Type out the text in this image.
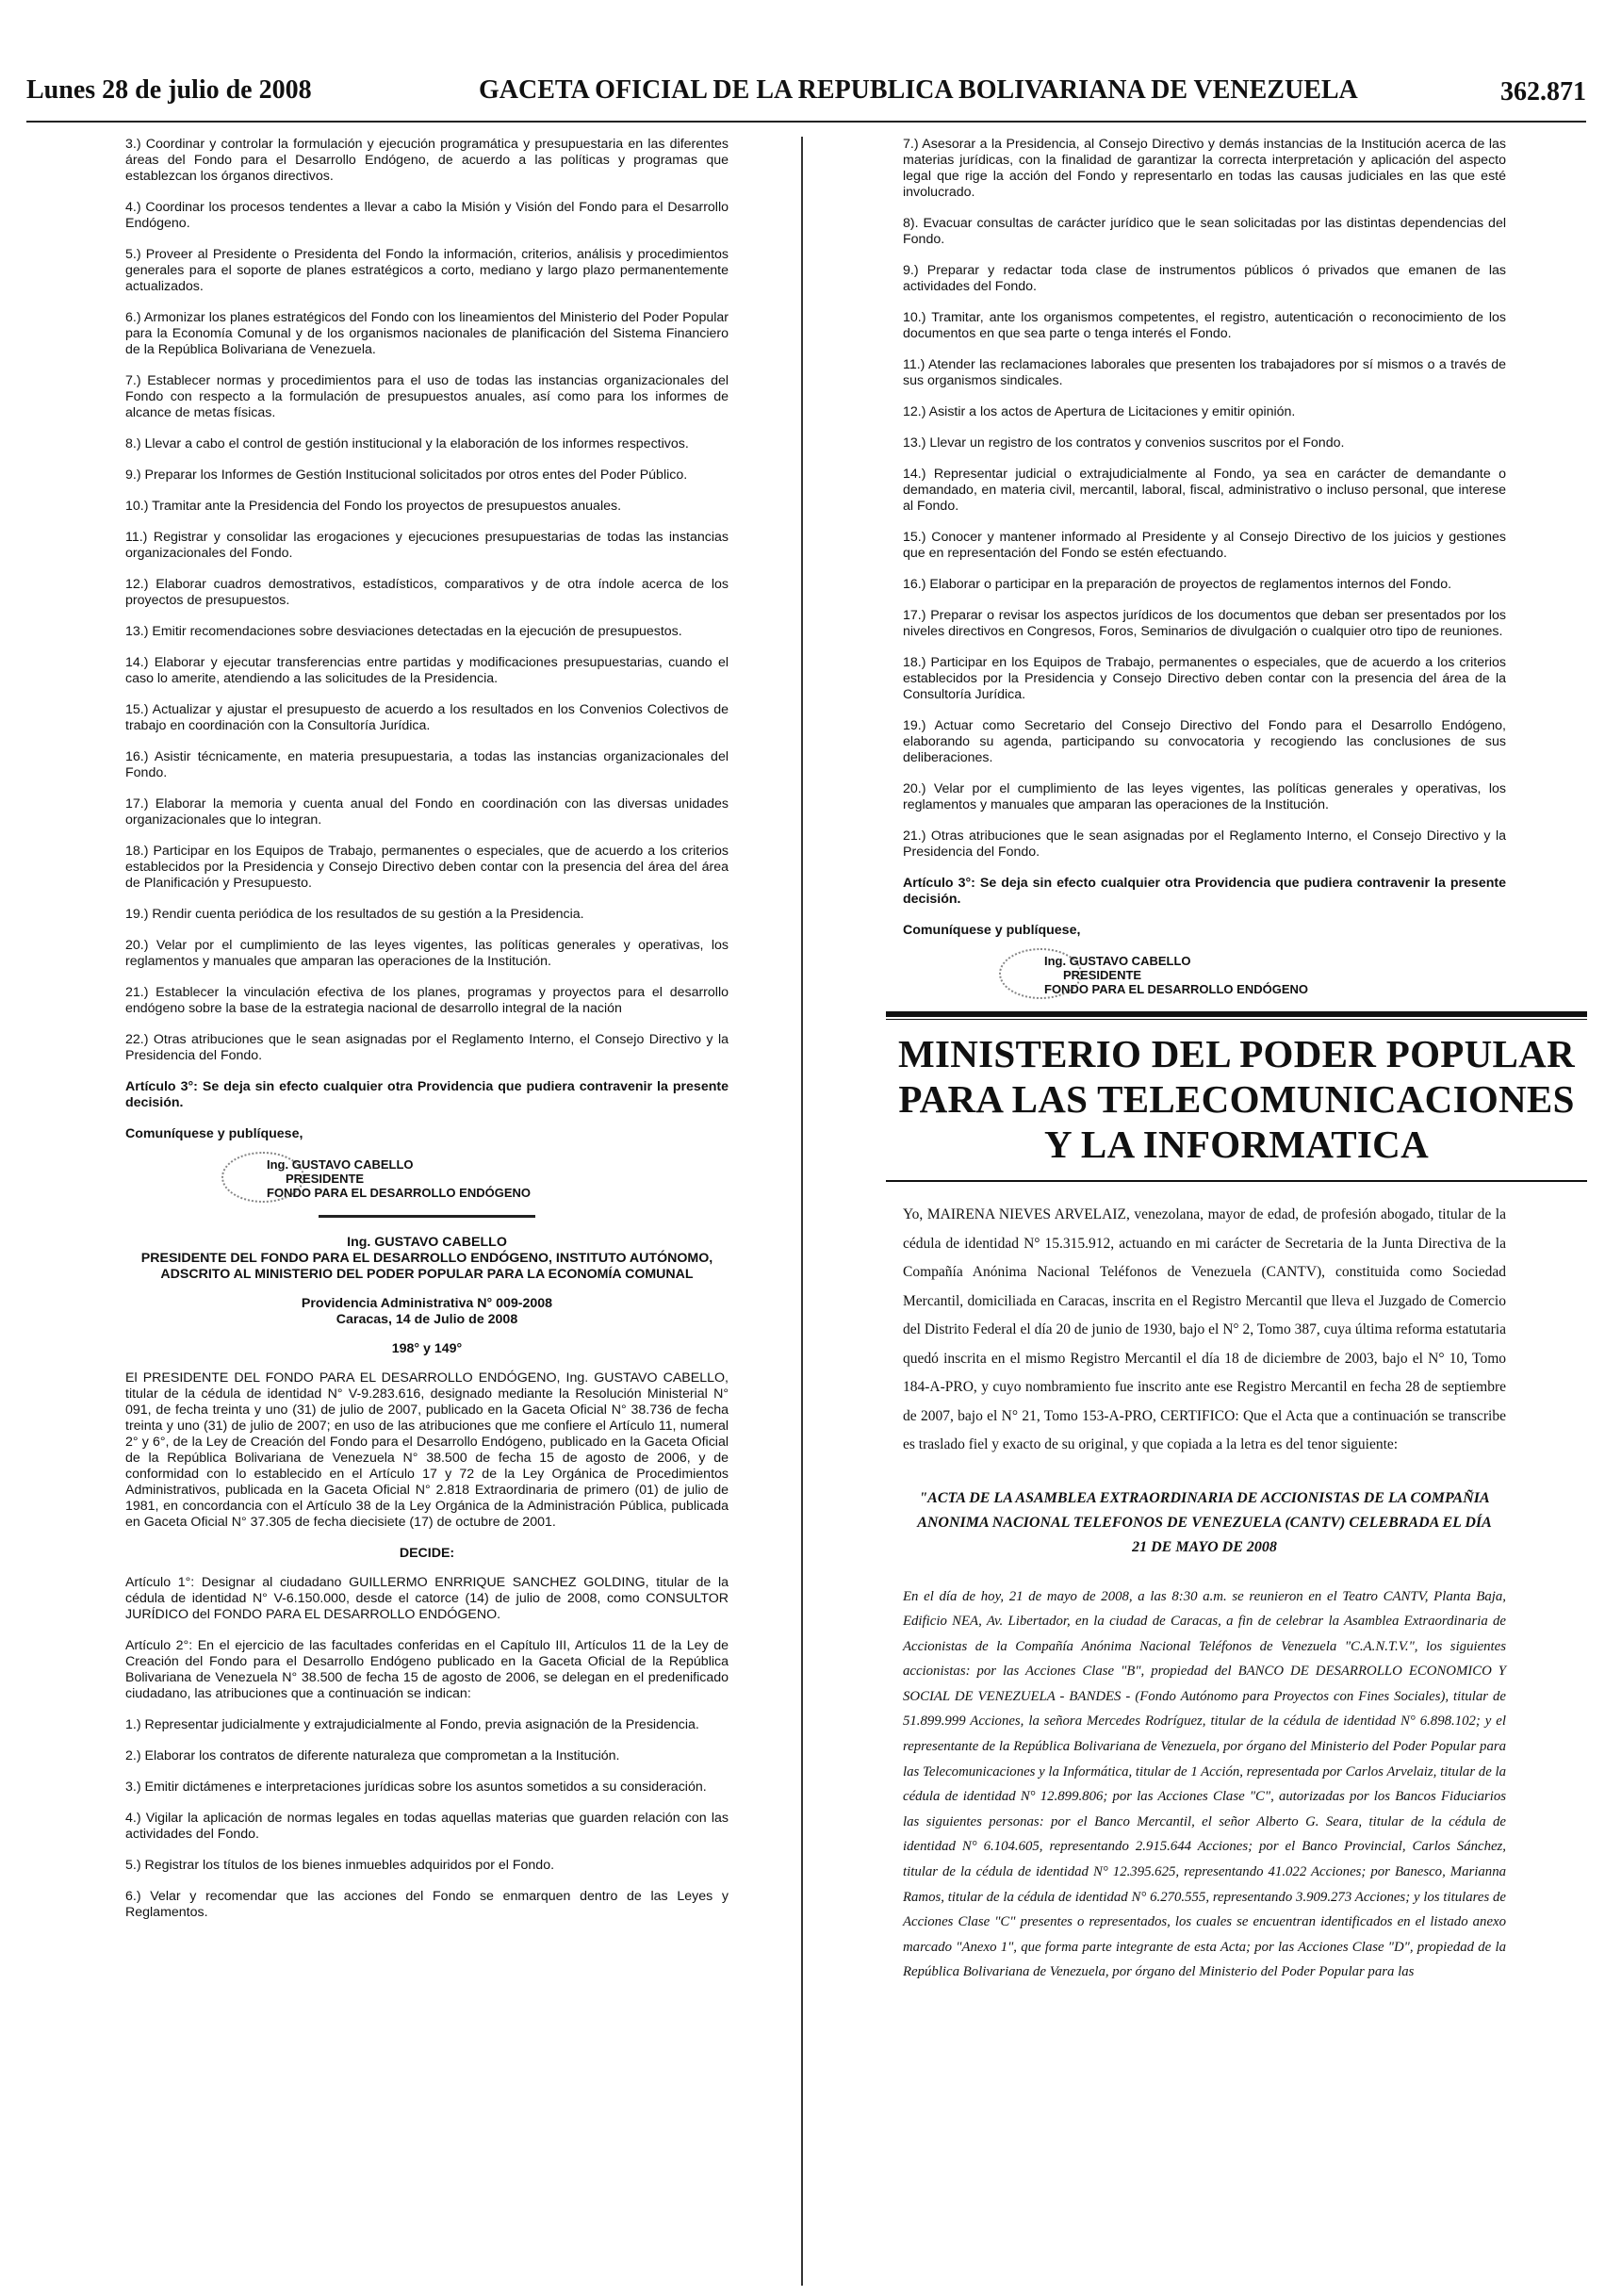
Lunes 28 de julio de 2008	GACETA OFICIAL DE LA REPUBLICA BOLIVARIANA DE VENEZUELA	362.871

3.) Coordinar y controlar la formulación y ejecución programática y presupuestaria en las diferentes áreas del Fondo para el Desarrollo Endógeno, de acuerdo a las políticas y programas que establezcan los órganos directivos.

4.) Coordinar los procesos tendentes a llevar a cabo la Misión y Visión del Fondo para el Desarrollo Endógeno.

5.) Proveer al Presidente o Presidenta del Fondo la información, criterios, análisis y procedimientos generales para el soporte de planes estratégicos a corto, mediano y largo plazo permanentemente actualizados.

6.) Armonizar los planes estratégicos del Fondo con los lineamientos del Ministerio del Poder Popular para la Economía Comunal y de los organismos nacionales de planificación del Sistema Financiero de la República Bolivariana de Venezuela.

7.) Establecer normas y procedimientos para el uso de todas las instancias organizacionales del Fondo con respecto a la formulación de presupuestos anuales, así como para los informes de alcance de metas físicas.

8.) Llevar a cabo el control de gestión institucional y la elaboración de los informes respectivos.

9.) Preparar los Informes de Gestión Institucional solicitados por otros entes del Poder Público.

10.) Tramitar ante la Presidencia del Fondo los proyectos de presupuestos anuales.

11.) Registrar y consolidar las erogaciones y ejecuciones presupuestarias de todas las instancias organizacionales del Fondo.

12.) Elaborar cuadros demostrativos, estadísticos, comparativos y de otra índole acerca de los proyectos de presupuestos.

13.) Emitir recomendaciones sobre desviaciones detectadas en la ejecución de presupuestos.

14.) Elaborar y ejecutar transferencias entre partidas y modificaciones presupuestarias, cuando el caso lo amerite, atendiendo a las solicitudes de la Presidencia.

15.) Actualizar y ajustar el presupuesto de acuerdo a los resultados en los Convenios Colectivos de trabajo en coordinación con la Consultoría Jurídica.

16.) Asistir técnicamente, en materia presupuestaria, a todas las instancias organizacionales del Fondo.

17.) Elaborar la memoria y cuenta anual del Fondo en coordinación con las diversas unidades organizacionales que lo integran.

18.) Participar en los Equipos de Trabajo, permanentes o especiales, que de acuerdo a los criterios establecidos por la Presidencia y Consejo Directivo deben contar con la presencia del área del área de Planificación y Presupuesto.

19.) Rendir cuenta periódica de los resultados de su gestión a la Presidencia.

20.) Velar por el cumplimiento de las leyes vigentes, las políticas generales y operativas, los reglamentos y manuales que amparan las operaciones de la Institución.

21.) Establecer la vinculación efectiva de los planes, programas y proyectos para el desarrollo endógeno sobre la base de la estrategia nacional de desarrollo integral de la nación

22.) Otras atribuciones que le sean asignadas por el Reglamento Interno, el Consejo Directivo y la Presidencia del Fondo.

Artículo 3°: Se deja sin efecto cualquier otra Providencia que pudiera contravenir la presente decisión.

Comuníquese y publíquese,

Ing. GUSTAVO CABELLO
PRESIDENTE
FONDO PARA EL DESARROLLO ENDÓGENO
Ing. GUSTAVO CABELLO
PRESIDENTE DEL FONDO PARA EL DESARROLLO ENDÓGENO, INSTITUTO AUTÓNOMO, ADSCRITO AL MINISTERIO DEL PODER POPULAR PARA LA ECONOMÍA COMUNAL
Providencia Administrativa N° 009-2008
Caracas, 14 de Julio de 2008
198° y 149°

El PRESIDENTE DEL FONDO PARA EL DESARROLLO ENDÓGENO, Ing. GUSTAVO CABELLO, titular de la cédula de identidad N° V-9.283.616, designado mediante la Resolución Ministerial N° 091, de fecha treinta y uno (31) de julio de 2007, publicado en la Gaceta Oficial N° 38.736 de fecha treinta y uno (31) de julio de 2007; en uso de las atribuciones que me confiere el Artículo 11, numeral 2° y 6°, de la Ley de Creación del Fondo para el Desarrollo Endógeno, publicado en la Gaceta Oficial de la República Bolivariana de Venezuela N° 38.500 de fecha 15 de agosto de 2006, y de conformidad con lo establecido en el Artículo 17 y 72 de la Ley Orgánica de Procedimientos Administrativos, publicada en la Gaceta Oficial N° 2.818 Extraordinaria de primero (01) de julio de 1981, en concordancia con el Artículo 38 de la Ley Orgánica de la Administración Pública, publicada en Gaceta Oficial N° 37.305 de fecha diecisiete (17) de octubre de 2001.

DECIDE:

Artículo 1°: Designar al ciudadano GUILLERMO ENRRIQUE SANCHEZ GOLDING, titular de la cédula de identidad N° V-6.150.000, desde el catorce (14) de julio de 2008, como CONSULTOR JURÍDICO del FONDO PARA EL DESARROLLO ENDÓGENO.

Artículo 2°: En el ejercicio de las facultades conferidas en el Capítulo III, Artículos 11 de la Ley de Creación del Fondo para el Desarrollo Endógeno publicado en la Gaceta Oficial de la República Bolivariana de Venezuela N° 38.500 de fecha 15 de agosto de 2006, se delegan en el predenificado ciudadano, las atribuciones que a continuación se indican:

1.) Representar judicialmente y extrajudicialmente al Fondo, previa asignación de la Presidencia.

2.) Elaborar los contratos de diferente naturaleza que comprometan a la Institución.

3.) Emitir dictámenes e interpretaciones jurídicas sobre los asuntos sometidos a su consideración.

4.) Vigilar la aplicación de normas legales en todas aquellas materias que guarden relación con las actividades del Fondo.

5.) Registrar los títulos de los bienes inmuebles adquiridos por el Fondo.

6.) Velar y recomendar que las acciones del Fondo se enmarquen dentro de las Leyes y Reglamentos.

7.) Asesorar a la Presidencia, al Consejo Directivo y demás instancias de la Institución acerca de las materias jurídicas, con la finalidad de garantizar la correcta interpretación y aplicación del aspecto legal que rige la acción del Fondo y representarlo en todas las causas judiciales en las que esté involucrado.

8). Evacuar consultas de carácter jurídico que le sean solicitadas por las distintas dependencias del Fondo.

9.) Preparar y redactar toda clase de instrumentos públicos ó privados que emanen de las actividades del Fondo.

10.) Tramitar, ante los organismos competentes, el registro, autenticación o reconocimiento de los documentos en que sea parte o tenga interés el Fondo.

11.) Atender las reclamaciones laborales que presenten los trabajadores por sí mismos o a través de sus organismos sindicales.

12.) Asistir a los actos de Apertura de Licitaciones y emitir opinión.

13.) Llevar un registro de los contratos y convenios suscritos por el Fondo.

14.) Representar judicial o extrajudicialmente al Fondo, ya sea en carácter de demandante o demandado, en materia civil, mercantil, laboral, fiscal, administrativo o incluso personal, que interese al Fondo.

15.) Conocer y mantener informado al Presidente y al Consejo Directivo de los juicios y gestiones que en representación del Fondo se estén efectuando.

16.) Elaborar o participar en la preparación de proyectos de reglamentos internos del Fondo.

17.) Preparar o revisar los aspectos jurídicos de los documentos que deban ser presentados por los niveles directivos en Congresos, Foros, Seminarios de divulgación o cualquier otro tipo de reuniones.

18.) Participar en los Equipos de Trabajo, permanentes o especiales, que de acuerdo a los criterios establecidos por la Presidencia y Consejo Directivo deben contar con la presencia del área de la Consultoría Jurídica.

19.) Actuar como Secretario del Consejo Directivo del Fondo para el Desarrollo Endógeno, elaborando su agenda, participando su convocatoria y recogiendo las conclusiones de sus deliberaciones.

20.) Velar por el cumplimiento de las leyes vigentes, las políticas generales y operativas, los reglamentos y manuales que amparan las operaciones de la Institución.

21.) Otras atribuciones que le sean asignadas por el Reglamento Interno, el Consejo Directivo y la Presidencia del Fondo.

Artículo 3°: Se deja sin efecto cualquier otra Providencia que pudiera contravenir la presente decisión.

Comuníquese y publíquese,

Ing. GUSTAVO CABELLO
PRESIDENTE
FONDO PARA EL DESARROLLO ENDÓGENO
MINISTERIO DEL PODER POPULAR PARA LAS TELECOMUNICACIONES Y LA INFORMATICA
Yo, MAIRENA NIEVES ARVELAIZ, venezolana, mayor de edad, de profesión abogado, titular de la cédula de identidad N° 15.315.912, actuando en mi carácter de Secretaria de la Junta Directiva de la Compañía Anónima Nacional Teléfonos de Venezuela (CANTV), constituida como Sociedad Mercantil, domiciliada en Caracas, inscrita en el Registro Mercantil que lleva el Juzgado de Comercio del Distrito Federal el día 20 de junio de 1930, bajo el N° 2, Tomo 387, cuya última reforma estatutaria quedó inscrita en el mismo Registro Mercantil el día 18 de diciembre de 2003, bajo el N° 10, Tomo 184-A-PRO, y cuyo nombramiento fue inscrito ante ese Registro Mercantil en fecha 28 de septiembre de 2007, bajo el N° 21, Tomo 153-A-PRO, CERTIFICO: Que el Acta que a continuación se transcribe es traslado fiel y exacto de su original, y que copiada a la letra es del tenor siguiente:
"ACTA DE LA ASAMBLEA EXTRAORDINARIA DE ACCIONISTAS DE LA COMPAÑIA ANONIMA NACIONAL TELEFONOS DE VENEZUELA (CANTV) CELEBRADA EL DÍA 21 DE MAYO DE 2008
En el día de hoy, 21 de mayo de 2008, a las 8:30 a.m. se reunieron en el Teatro CANTV, Planta Baja, Edificio NEA, Av. Libertador, en la ciudad de Caracas, a fin de celebrar la Asamblea Extraordinaria de Accionistas de la Compañía Anónima Nacional Teléfonos de Venezuela "C.A.N.T.V.", los siguientes accionistas: por las Acciones Clase "B", propiedad del BANCO DE DESARROLLO ECONOMICO Y SOCIAL DE VENEZUELA - BANDES - (Fondo Autónomo para Proyectos con Fines Sociales), titular de 51.899.999 Acciones, la señora Mercedes Rodríguez, titular de la cédula de identidad N° 6.898.102; y el representante de la República Bolivariana de Venezuela, por órgano del Ministerio del Poder Popular para las Telecomunicaciones y la Informática, titular de 1 Acción, representada por Carlos Arvelaiz, titular de la cédula de identidad N° 12.899.806; por las Acciones Clase "C", autorizadas por los Bancos Fiduciarios las siguientes personas: por el Banco Mercantil, el señor Alberto G. Seara, titular de la cédula de identidad N° 6.104.605, representando 2.915.644 Acciones; por el Banco Provincial, Carlos Sánchez, titular de la cédula de identidad N° 12.395.625, representando 41.022 Acciones; por Banesco, Marianna Ramos, titular de la cédula de identidad N° 6.270.555, representando 3.909.273 Acciones; y los titulares de Acciones Clase "C" presentes o representados, los cuales se encuentran identificados en el listado anexo marcado "Anexo 1", que forma parte integrante de esta Acta; por las Acciones Clase "D", propiedad de la República Bolivariana de Venezuela, por órgano del Ministerio del Poder Popular para las
